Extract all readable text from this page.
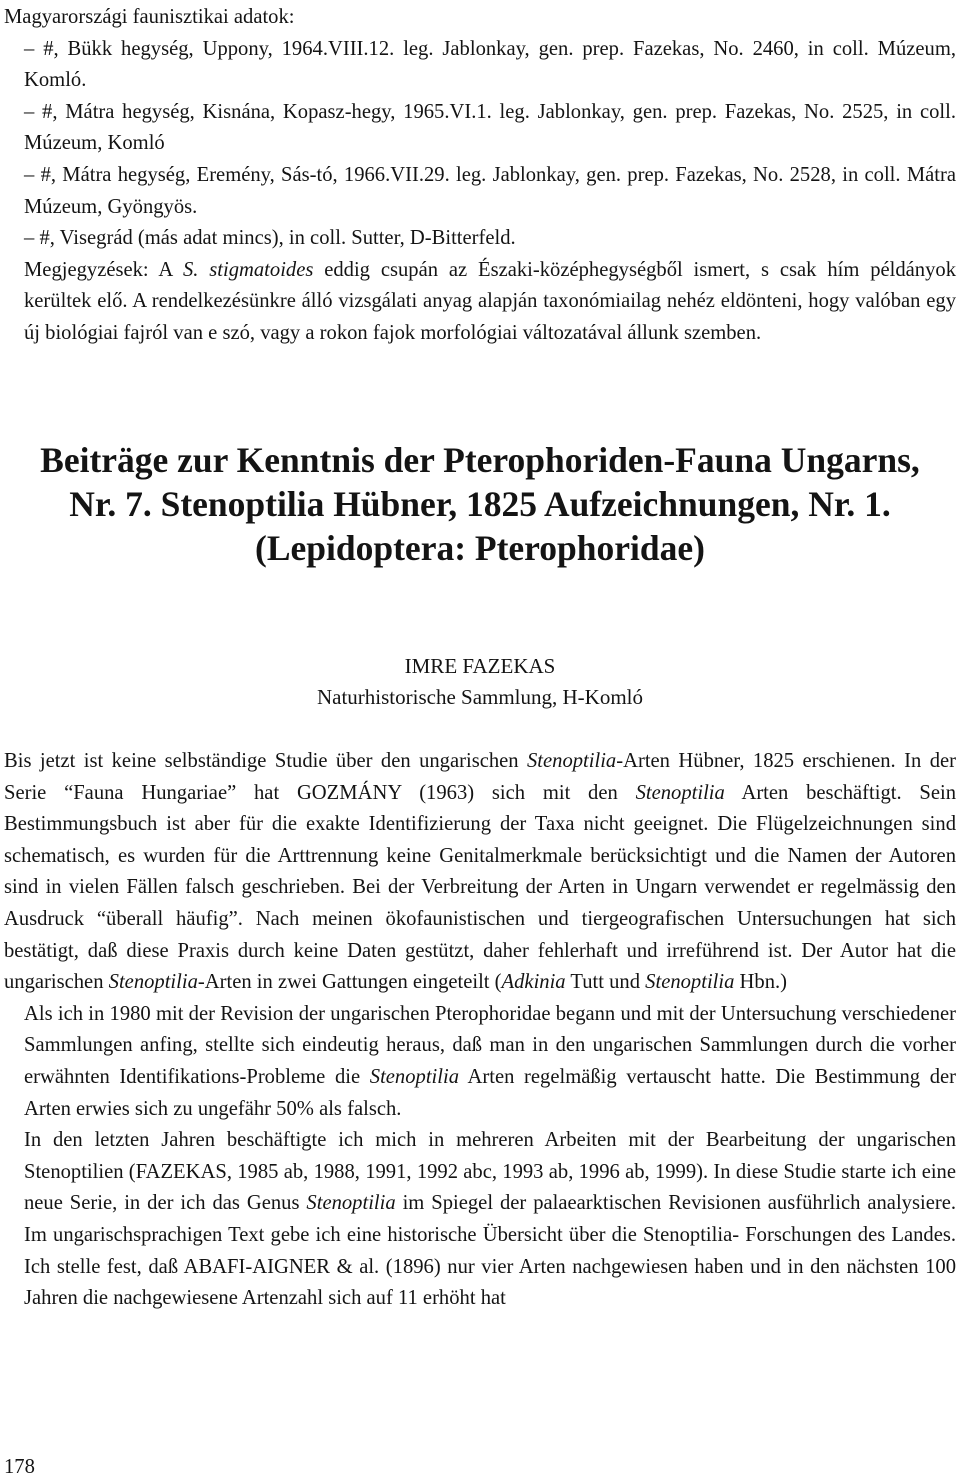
Magyarországi faunisztikai adatok:

– #, Bükk hegység, Uppony, 1964.VIII.12. leg. Jablonkay, gen. prep. Fazekas, No. 2460, in coll. Múzeum, Komló.

– #, Mátra hegység, Kisnána, Kopasz-hegy, 1965.VI.1. leg. Jablonkay, gen. prep. Fazekas, No. 2525, in coll. Múzeum, Komló

– #, Mátra hegység, Eremény, Sás-tó, 1966.VII.29. leg. Jablonkay, gen. prep. Fazekas, No. 2528, in coll. Mátra Múzeum, Gyöngyös.

– #, Visegrád (más adat mincs), in coll. Sutter, D-Bitterfeld.

Megjegyzések: A S. stigmatoides eddig csupán az Északi-középhegységből ismert, s csak hím példányok kerültek elő. A rendelkezésünkre álló vizsgálati anyag alapján taxonómiailag nehéz eldönteni, hogy valóban egy új biológiai fajról van e szó, vagy a rokon fajok morfológiai változatával állunk szemben.

Beiträge zur Kenntnis der Pterophoriden-Fauna Ungarns,
Nr. 7. Stenoptilia Hübner, 1825 Aufzeichnungen, Nr. 1.
(Lepidoptera: Pterophoridae)
IMRE FAZEKAS
Naturhistorische Sammlung, H-Komló

Bis jetzt ist keine selbständige Studie über den ungarischen Stenoptilia-Arten Hübner, 1825 erschienen. In der Serie “Fauna Hungariae” hat GOZMÁNY (1963) sich mit den Stenoptilia Arten beschäftigt. Sein Bestimmungsbuch ist aber für die exakte Identifizierung der Taxa nicht geeignet. Die Flügelzeichnungen sind schematisch, es wurden für die Arttrennung keine Genitalmerkmale berücksichtigt und die Namen der Autoren sind in vielen Fällen falsch geschrieben. Bei der Verbreitung der Arten in Ungarn verwendet er regelmässig den Ausdruck “überall häufig”. Nach meinen ökofaunistischen und tiergeografischen Untersuchungen hat sich bestätigt, daß diese Praxis durch keine Daten gestützt, daher fehlerhaft und irreführend ist. Der Autor hat die ungarischen Stenoptilia-Arten in zwei Gattungen eingeteilt (Adkinia Tutt und Stenoptilia Hbn.)

Als ich in 1980 mit der Revision der ungarischen Pterophoridae begann und mit der Untersuchung verschiedener Sammlungen anfing, stellte sich eindeutig heraus, daß man in den ungarischen Sammlungen durch die vorher erwähnten Identifikations-Probleme die Stenoptilia Arten regelmäßig vertauscht hatte. Die Bestimmung der Arten erwies sich zu ungefähr 50% als falsch.

In den letzten Jahren beschäftigte ich mich in mehreren Arbeiten mit der Bearbeitung der ungarischen Stenoptilien (FAZEKAS, 1985 ab, 1988, 1991, 1992 abc, 1993 ab, 1996 ab, 1999). In diese Studie starte ich eine neue Serie, in der ich das Genus Stenoptilia im Spiegel der palaearktischen Revisionen ausführlich analysiere. Im ungarischsprachigen Text gebe ich eine historische Übersicht über die Stenoptilia- Forschungen des Landes. Ich stelle fest, daß ABAFI-AIGNER & al. (1896) nur vier Arten nachgewiesen haben und in den nächsten 100 Jahren die nachgewiesene Artenzahl sich auf 11 erhöht hat

178
